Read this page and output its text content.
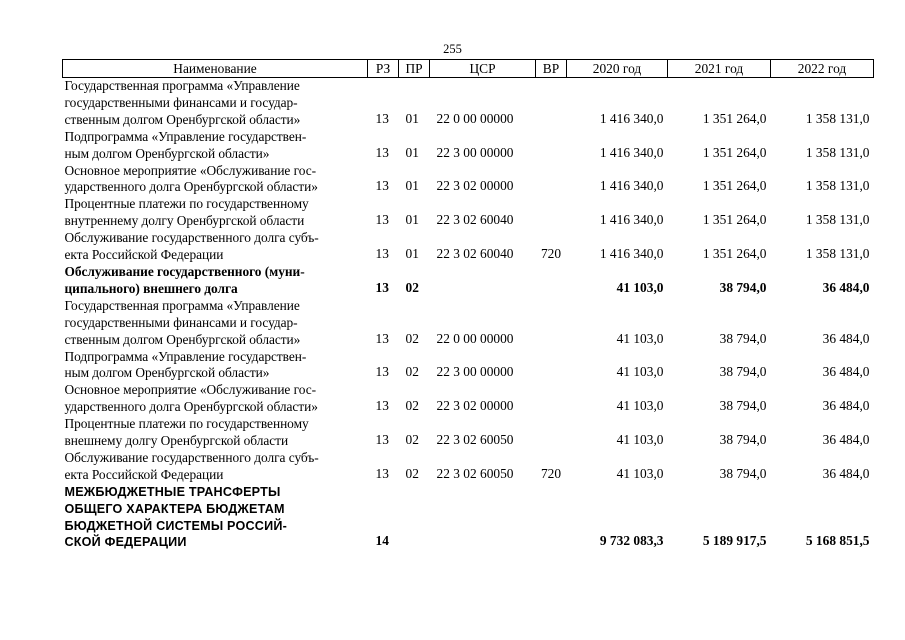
255
Наименование	РЗ	ПР	ЦСР	ВР	2020 год	2021 год	2022 год

Государственная программа «Управление
государственными финансами и государ-
ственным долгом Оренбургской области»	13	01	22 0 00 00000		1 416 340,0	1 351 264,0	1 358 131,0

Подпрограмма «Управление государствен-
ным долгом Оренбургской области»	13	01	22 3 00 00000		1 416 340,0	1 351 264,0	1 358 131,0

Основное мероприятие «Обслуживание гос-
ударственного долга Оренбургской области»	13	01	22 3 02 00000		1 416 340,0	1 351 264,0	1 358 131,0

Процентные платежи по государственному
внутреннему долгу Оренбургской области	13	01	22 3 02 60040		1 416 340,0	1 351 264,0	1 358 131,0

Обслуживание государственного долга субъ-
екта Российской Федерации	13	01	22 3 02 60040	720	1 416 340,0	1 351 264,0	1 358 131,0

Обслуживание государственного (муни-
ципального) внешнего долга	13	02			41 103,0	38 794,0	36 484,0

Государственная программа «Управление
государственными финансами и государ-
ственным долгом Оренбургской области»	13	02	22 0 00 00000		41 103,0	38 794,0	36 484,0

Подпрограмма «Управление государствен-
ным долгом Оренбургской области»	13	02	22 3 00 00000		41 103,0	38 794,0	36 484,0

Основное мероприятие «Обслуживание гос-
ударственного долга Оренбургской области»	13	02	22 3 02 00000		41 103,0	38 794,0	36 484,0

Процентные платежи по государственному
внешнему долгу Оренбургской области	13	02	22 3 02 60050		41 103,0	38 794,0	36 484,0

Обслуживание государственного долга субъ-
екта Российской Федерации	13	02	22 3 02 60050	720	41 103,0	38 794,0	36 484,0

МЕЖБЮДЖЕТНЫЕ ТРАНСФЕРТЫ
ОБЩЕГО ХАРАКТЕРА БЮДЖЕТАМ
БЮДЖЕТНОЙ СИСТЕМЫ РОССИЙ-
СКОЙ ФЕДЕРАЦИИ	14				9 732 083,3	5 189 917,5	5 168 851,5
